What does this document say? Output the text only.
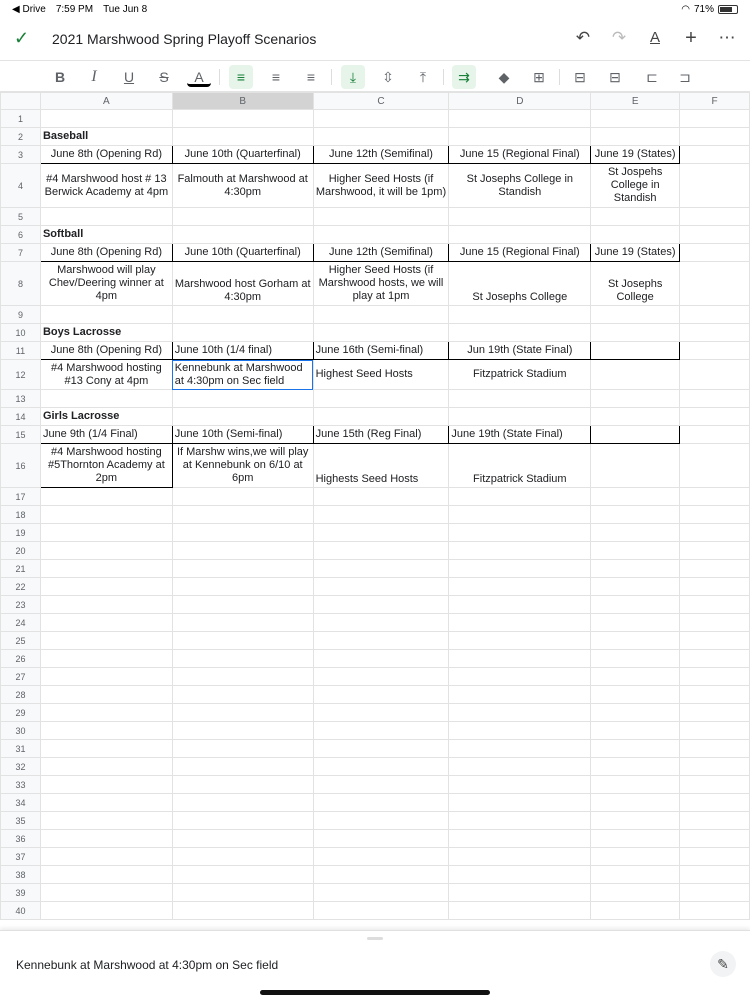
◀ Drive 7:59 PM Tue Jun 8	◠ 71%
✓ 2021 Marshwood Spring Playoff Scenarios	↶ ↷	A	+	⋯
B	I	U	S	A	≡	≡	≡	⤓	⇳	⤒	⇉	◆	⊞	⊟	⊟	⊏	⊐
	A	B	C	D	E	F
1						
2	Baseball					
3	June 8th (Opening Rd)	June 10th (Quarterfinal)	June 12th (Semifinal)	June 15 (Regional Final)	June 19 (States)	
4	#4 Marshwood host # 13 Berwick Academy at 4pm	Falmouth at Marshwood at 4:30pm	Higher Seed Hosts (if Marshwood, it will be 1pm)	St Josephs College in Standish	St Jospehs College in Standish	
5						
6	Softball					
7	June 8th (Opening Rd)	June 10th (Quarterfinal)	June 12th (Semifinal)	June 15 (Regional Final)	June 19 (States)	
8	Marshwood will play Chev/Deering winner at 4pm	Marshwood host Gorham at 4:30pm	Higher Seed Hosts (if Marshwood hosts, we will play at 1pm	St Josephs College	St Josephs College	
9						
10	Boys Lacrosse					
11	June 8th (Opening Rd)	June 10th (1/4 final)	June 16th (Semi-final)	Jun 19th (State Final)		
12	#4 Marshwood hosting #13 Cony at 4pm	Kennebunk at Marshwood at 4:30pm on Sec field	Highest Seed Hosts	Fitzpatrick Stadium		
13						
14	Girls Lacrosse					
15	June 9th (1/4 Final)	June 10th (Semi-final)	June 15th (Reg Final)	June 19th (State Final)		
16	#4 Marshwood hosting #5Thornton Academy at 2pm	If Marshw wins,we will play at Kennebunk on 6/10 at 6pm	Highests Seed Hosts	Fitzpatrick Stadium		
17						
18						
19						
20						
21						
22						
23						
24						
25						
26						
27						
28						
29						
30						
31						
32						
33						
34						
35						
36						
37						
38						
39						
40						
Kennebunk at Marshwood at 4:30pm on Sec field	✎
